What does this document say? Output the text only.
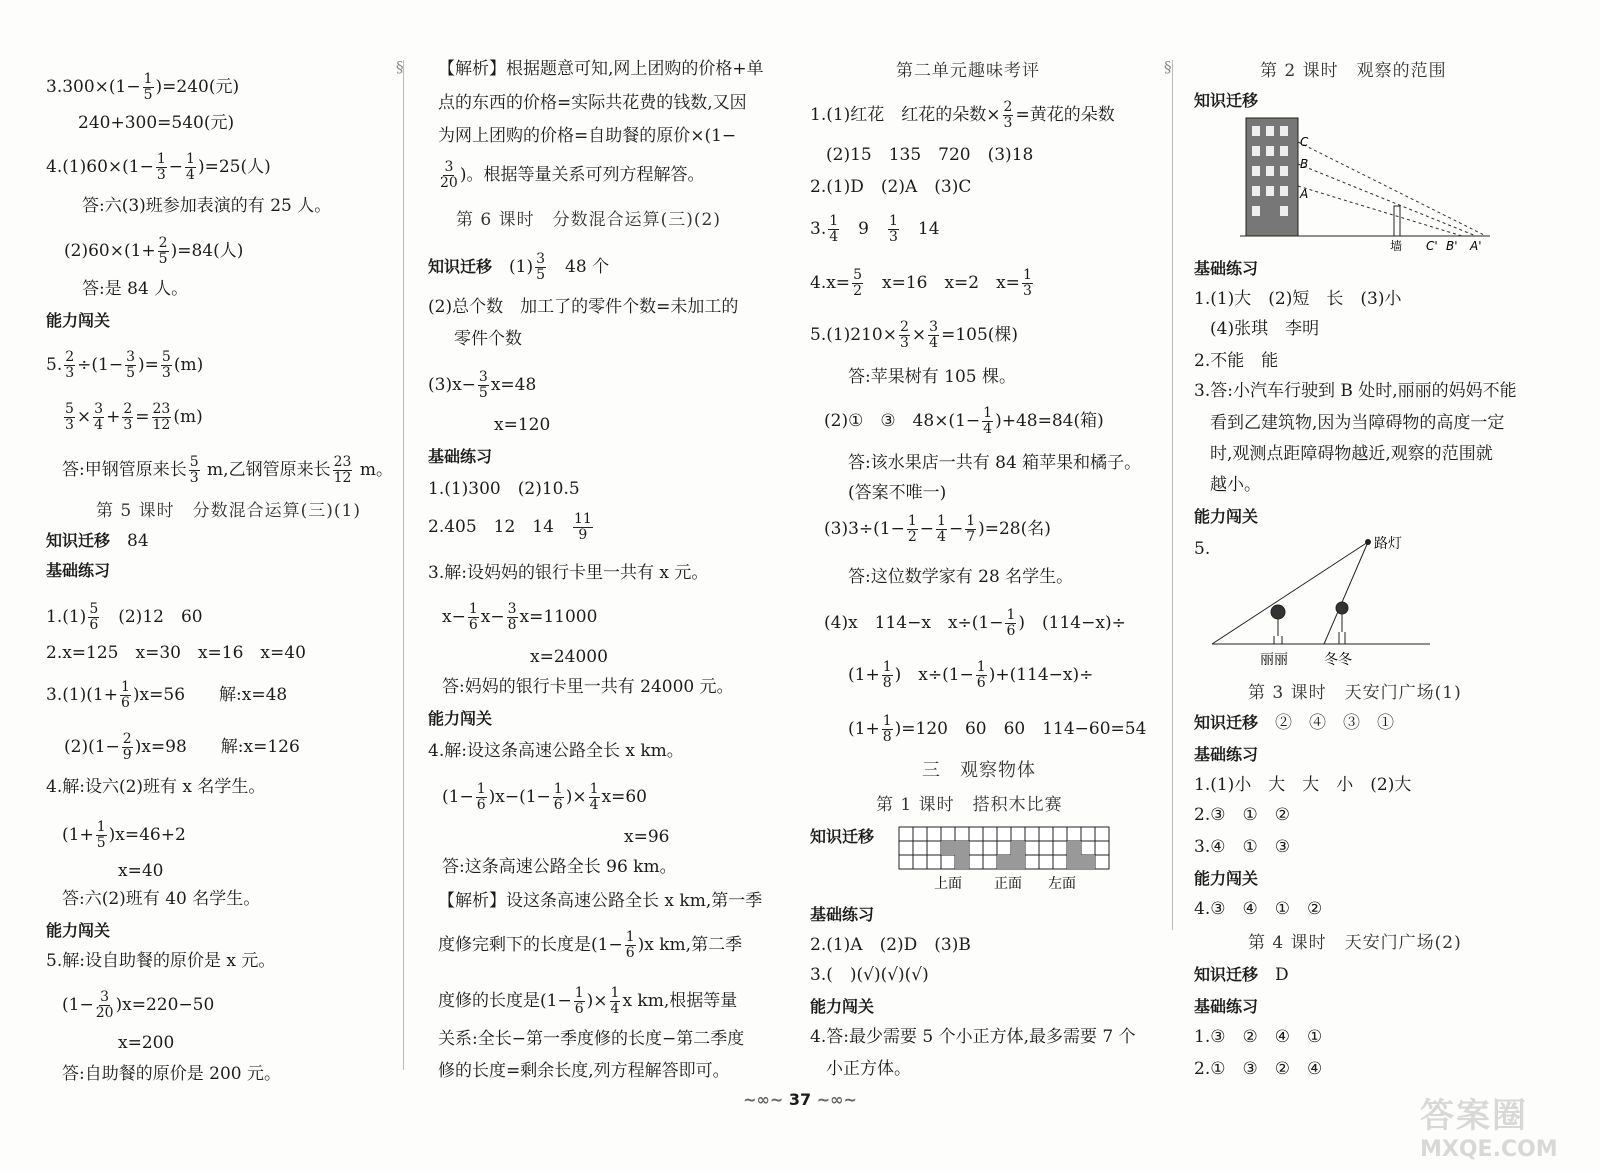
$3.300\times(1- \frac{1}{5} )=240$(元)
240+300=540(元)
$4.(1)60\times(1- \frac{1}{3} - \frac{1}{4} )=25$(人)
答:六(3)班参加表演的有 25 人。
$(2)60\times(1+ \frac{2}{5} )=84$(人)
答:是 84 人。
能力闯关
5. $\frac{2}{3} \div(1- \frac{3}{5}$ )= $\frac{5}{3} (m)$
$\frac{5}{3} \times \frac{3}{4} + \frac{2}{3} = \frac{23}{12} (m)$
答:甲钢管原来长 $\frac{5}{3} m$,乙钢管原来长 $\frac{23}{12}$ m。
第 5 课时　分数混合运算(三)(1)
知识迁移　 84
基础练习
$1.(1) \frac{5}{6}$
　 (2)12　60
2.x=125　x=30　x=16　x=40
$3.(1)(1+ \frac{1}{6} )x=56$　　解:x=48
$(2)(1- \frac{2}{9} )x=98$　　解:x=126
4.解:设六(2)班有 x 名学生。
$(1+ \frac{1}{5} )x=46+2$
x=40
答:六(2)班有 40 名学生。
能力闯关
5.解:设自助餐的原价是 x 元。
$(1- \frac{3}{20} )x=220-50$
x=200
答:自助餐的原价是 200 元。
§ 【解析】根据题意可知,网上团购的价格+单
点的东西的价格=实际共花费的钱数,又因
为网上团购的价格=自助餐的原价×(1−
$\frac{3}{20}$ )。根据等量关系可列方程解答。
第 6 课时　分数混合运算(三)(2)
知识迁移　 $(1) \frac{3}{5}$
　 48 个
(2)总个数　加工了的零件个数=未加工的
零件个数
$(3)x- \frac{3}{5} x=48$
x=120
基础练习
1.(1)300　(2)10.5
2.405　12　14　 $\frac{11}{9}$
3.解:设妈妈的银行卡里一共有 x 元。
$x- \frac{1}{6} x- \frac{3}{8} x=11000$
x=24000
答:妈妈的银行卡里一共有 24000 元。
能力闯关
4.解:设这条高速公路全长 x km。
$(1- \frac{1}{6} )x-(1- \frac{1}{6}$ )× $\frac{1}{4} x=60$
x=96
答:这条高速公路全长 96 km。
【解析】设这条高速公路全长 x km,第一季
度修完剩下的长度是$(1- \frac{1}{6} )x$ km,第二季
度修的长度是($1- \frac{1}{6}$ )× $\frac{1}{4}$ x km,根据等量
关系:全长−第一季度修的长度−第二季度
修的长度=剩余长度,列方程解答即可。
第二单元趣味考评
1.(1)红花　红花的朵数× $\frac{2}{3}$ =黄花的朵数
(2)15　135　720　(3)18
2.(1)D　(2)A　(3)C
3. $\frac{1}{4}$
　 9　 $\frac{1}{3}$
　 14
$4.x= \frac{5}{2}$
　 x=16　x=2　$x= \frac{1}{3}$
$5.(1)210\times \frac{2}{3} \times \frac{3}{4} =105$(棵)
答:苹果树有 105 棵。
(2)①　③　$48\times(1- \frac{1}{4} )+48=84$(箱)
答:该水果店一共有 84 箱苹果和橘子。
(答案不唯一)
$(3)3\div(1- \frac{1}{2} - \frac{1}{4} - \frac{1}{7} )=28$(名)
答:这位数学家有 28 名学生。
(4)x　114−x　$x\div(1- \frac{1}{6}$ )　(114−x)÷
($1+ \frac{1}{8}$ )　$x\div(1- \frac{1}{6} )+(114-x)\div$
$(1+ \frac{1}{8} )=120$　60　60　114−60=54
三　观察物体
第 1 课时　搭积木比赛
知识迁移
上面 正面 左面
基础练习
2.(1)A　(2)D　(3)B
3.(　)(√)(√)(√)
能力闯关
4.答:最少需要 5 个小正方体,最多需要 7 个
小正方体。
§	第 2 课时　观察的范围
知识迁移
C
B
A
墙 C' B' A'
基础练习
1.(1)大　(2)短　长　(3)小
(4)张琪　李明
2.不能　能
3.答:小汽车行驶到 B 处时,丽丽的妈妈不能
看到乙建筑物,因为当障碍物的高度一定
时,观测点距障碍物越近,观察的范围就
越小。
能力闯关
5.	路灯
丽丽	冬冬
第 3 课时　天安门广场(1)
知识迁移　 ②　④　③　①
基础练习
1.(1)小　大　大　小　(2)大
2.③　①　②
3.④　①　③
能力闯关
4.③　④　①　②
第 4 课时　天安门广场(2)
知识迁移　 D
基础练习
1.③　②　④　①
2.①　③　②　④
~∞~ 37 ~∞~	答案圈
MXQE.COM
